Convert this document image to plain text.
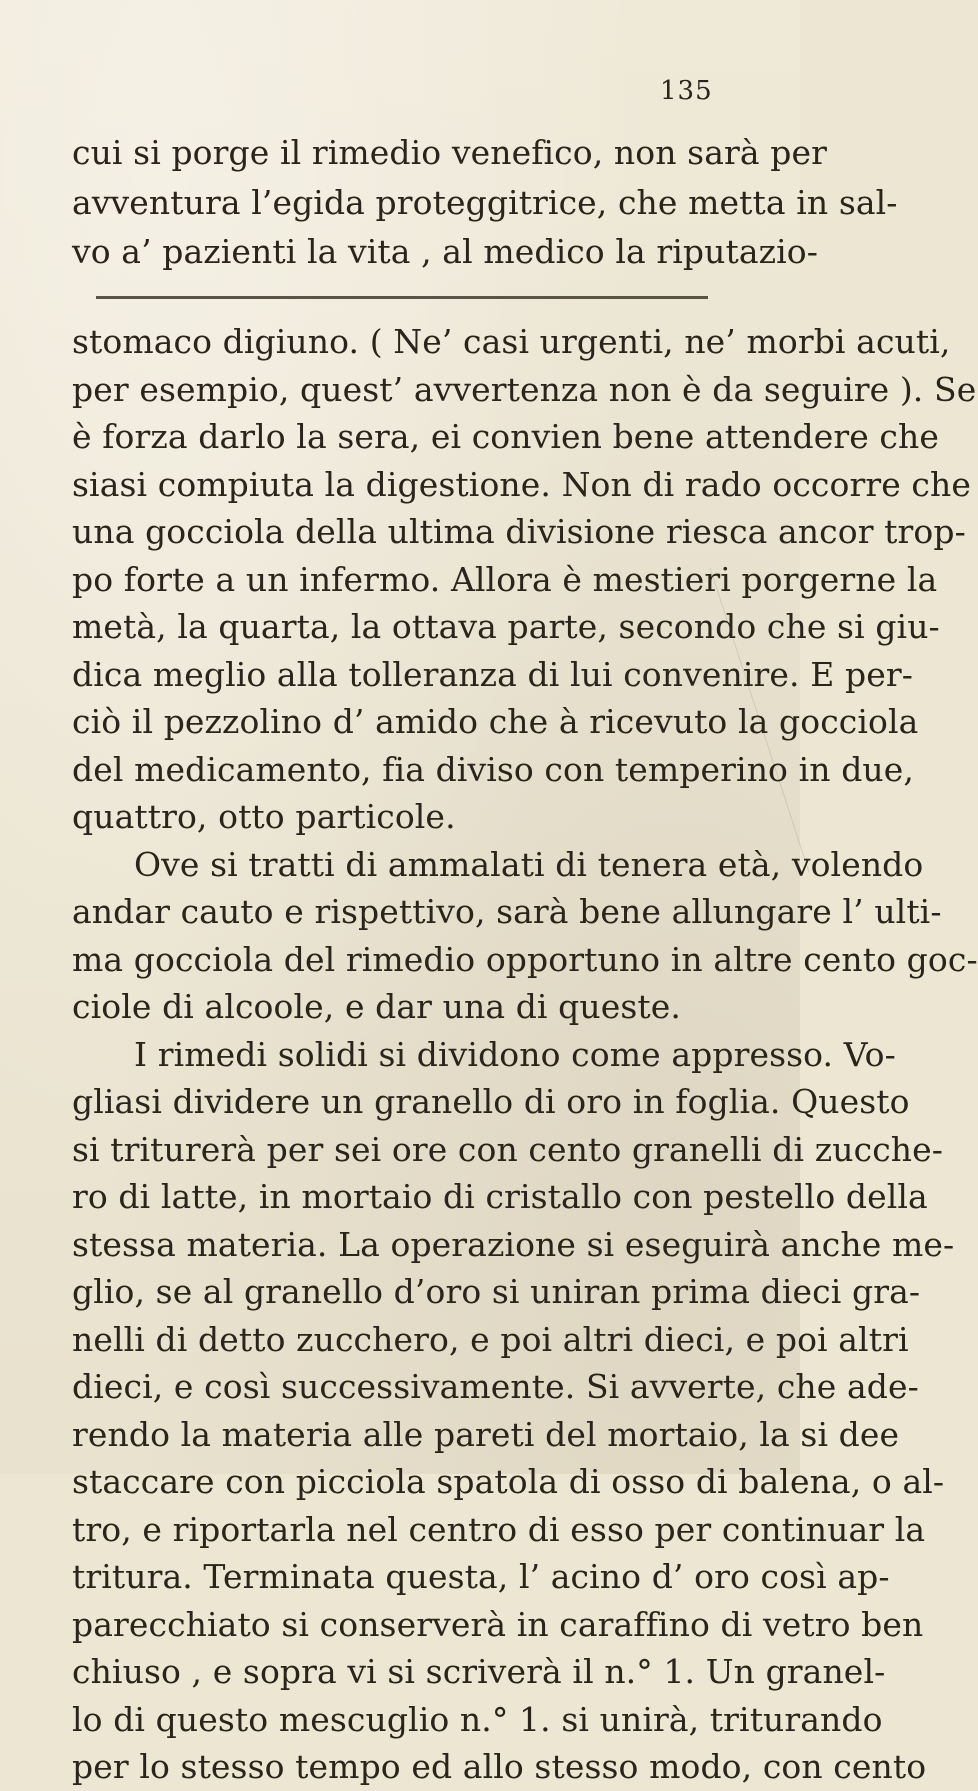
135
cui si porge il rimedio venefico, non sarà per
avventura l’egida proteggitrice, che metta in sal-
vo a’ pazienti la vita , al medico la riputazio-
stomaco digiuno. ( Ne’ casi urgenti, ne’ morbi acuti,
per esempio, quest’ avvertenza non è da seguire ). Se
è forza darlo la sera, ei convien bene attendere che
siasi compiuta la digestione. Non di rado occorre che
una gocciola della ultima divisione riesca ancor trop-
po forte a un infermo. Allora è mestieri porgerne la
metà, la quarta, la ottava parte, secondo che si giu-
dica meglio alla tolleranza di lui convenire. E per-
ciò il pezzolino d’ amido che à ricevuto la gocciola
del medicamento, fia diviso con temperino in due,
quattro, otto particole.
Ove si tratti di ammalati di tenera età, volendo
andar cauto e rispettivo, sarà bene allungare l’ ulti-
ma gocciola del rimedio opportuno in altre cento goc-
ciole di alcoole, e dar una di queste.
I rimedi solidi si dividono come appresso. Vo-
gliasi dividere un granello di oro in foglia. Questo
si triturerà per sei ore con cento granelli di zucche-
ro di latte, in mortaio di cristallo con pestello della
stessa materia. La operazione si eseguirà anche me-
glio, se al granello d’oro si uniran prima dieci gra-
nelli di detto zucchero, e poi altri dieci, e poi altri
dieci, e così successivamente. Si avverte, che ade-
rendo la materia alle pareti del mortaio, la si dee
staccare con picciola spatola di osso di balena, o al-
tro, e riportarla nel centro di esso per continuar la
tritura. Terminata questa, l’ acino d’ oro così ap-
parecchiato si conserverà in caraffino di vetro ben
chiuso , e sopra vi si scriverà il n.° 1. Un granel-
lo di questo mescuglio n.° 1. si unirà, triturando
per lo stesso tempo ed allo stesso modo, con cento
